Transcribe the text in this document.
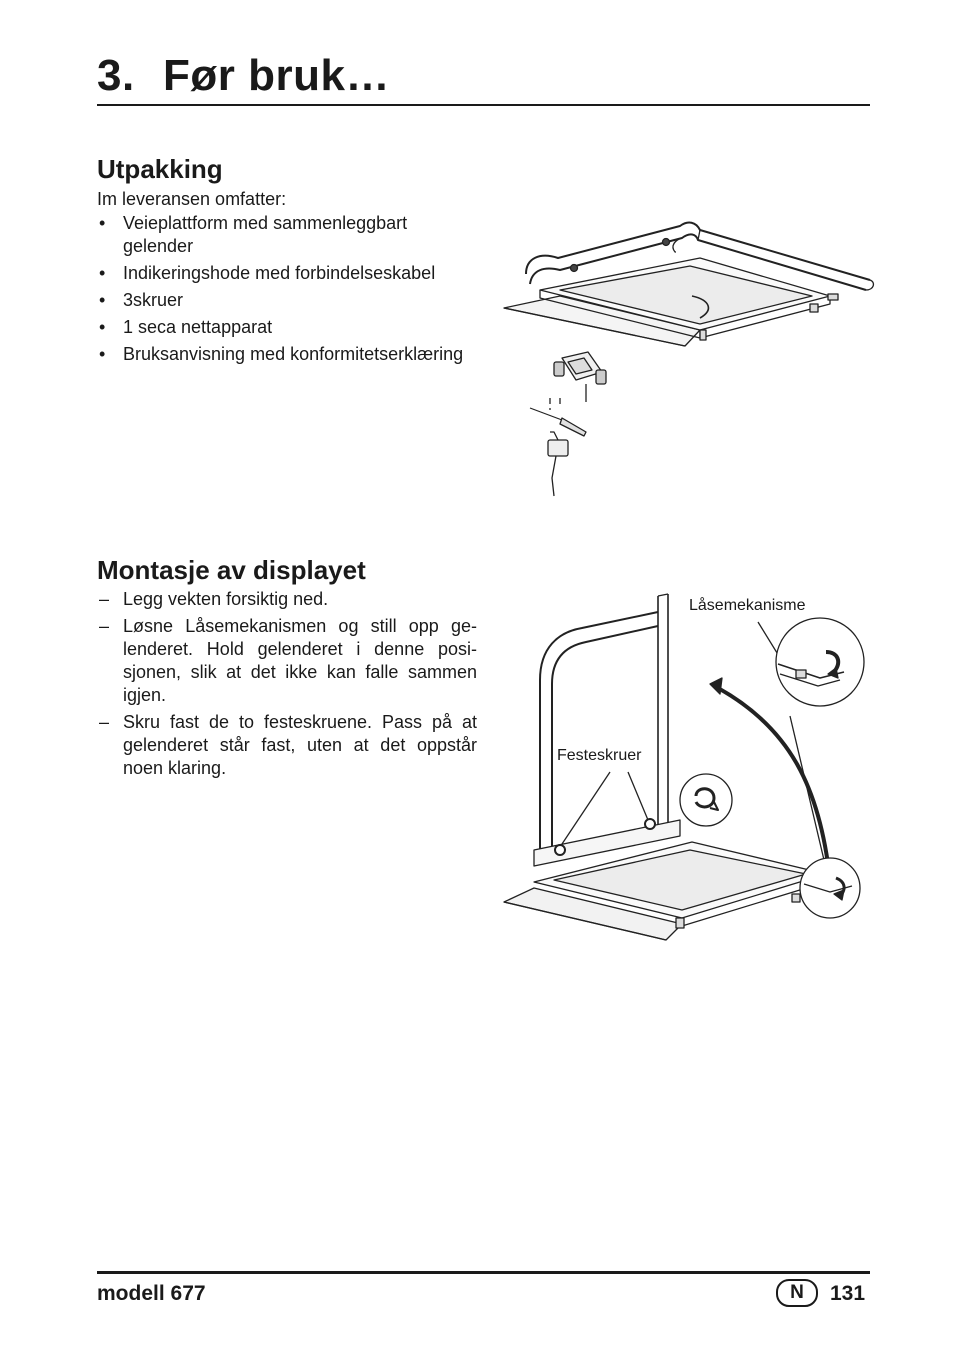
3. Før bruk…
Utpakking

Im leveransen omfatter:

• Veieplattform med sammenleggbart gelender
• Indikeringshode med forbindelseskabel
• 3skruer
• 1 seca nettapparat
• Bruksanvisning med konformitetserklæring
Montasje av displayet
– Legg vekten forsiktig ned.
– Løsne Låsemekanismen og still opp ge-lenderet. Hold gelenderet i denne posi-sjonen, slik at det ikke kan falle sammen igjen.
– Skru fast de to festeskruene. Pass på at gelenderet står fast, uten at det oppstår noen klaring.
Låsemekanisme
Festeskruer
modell 677	N	131
